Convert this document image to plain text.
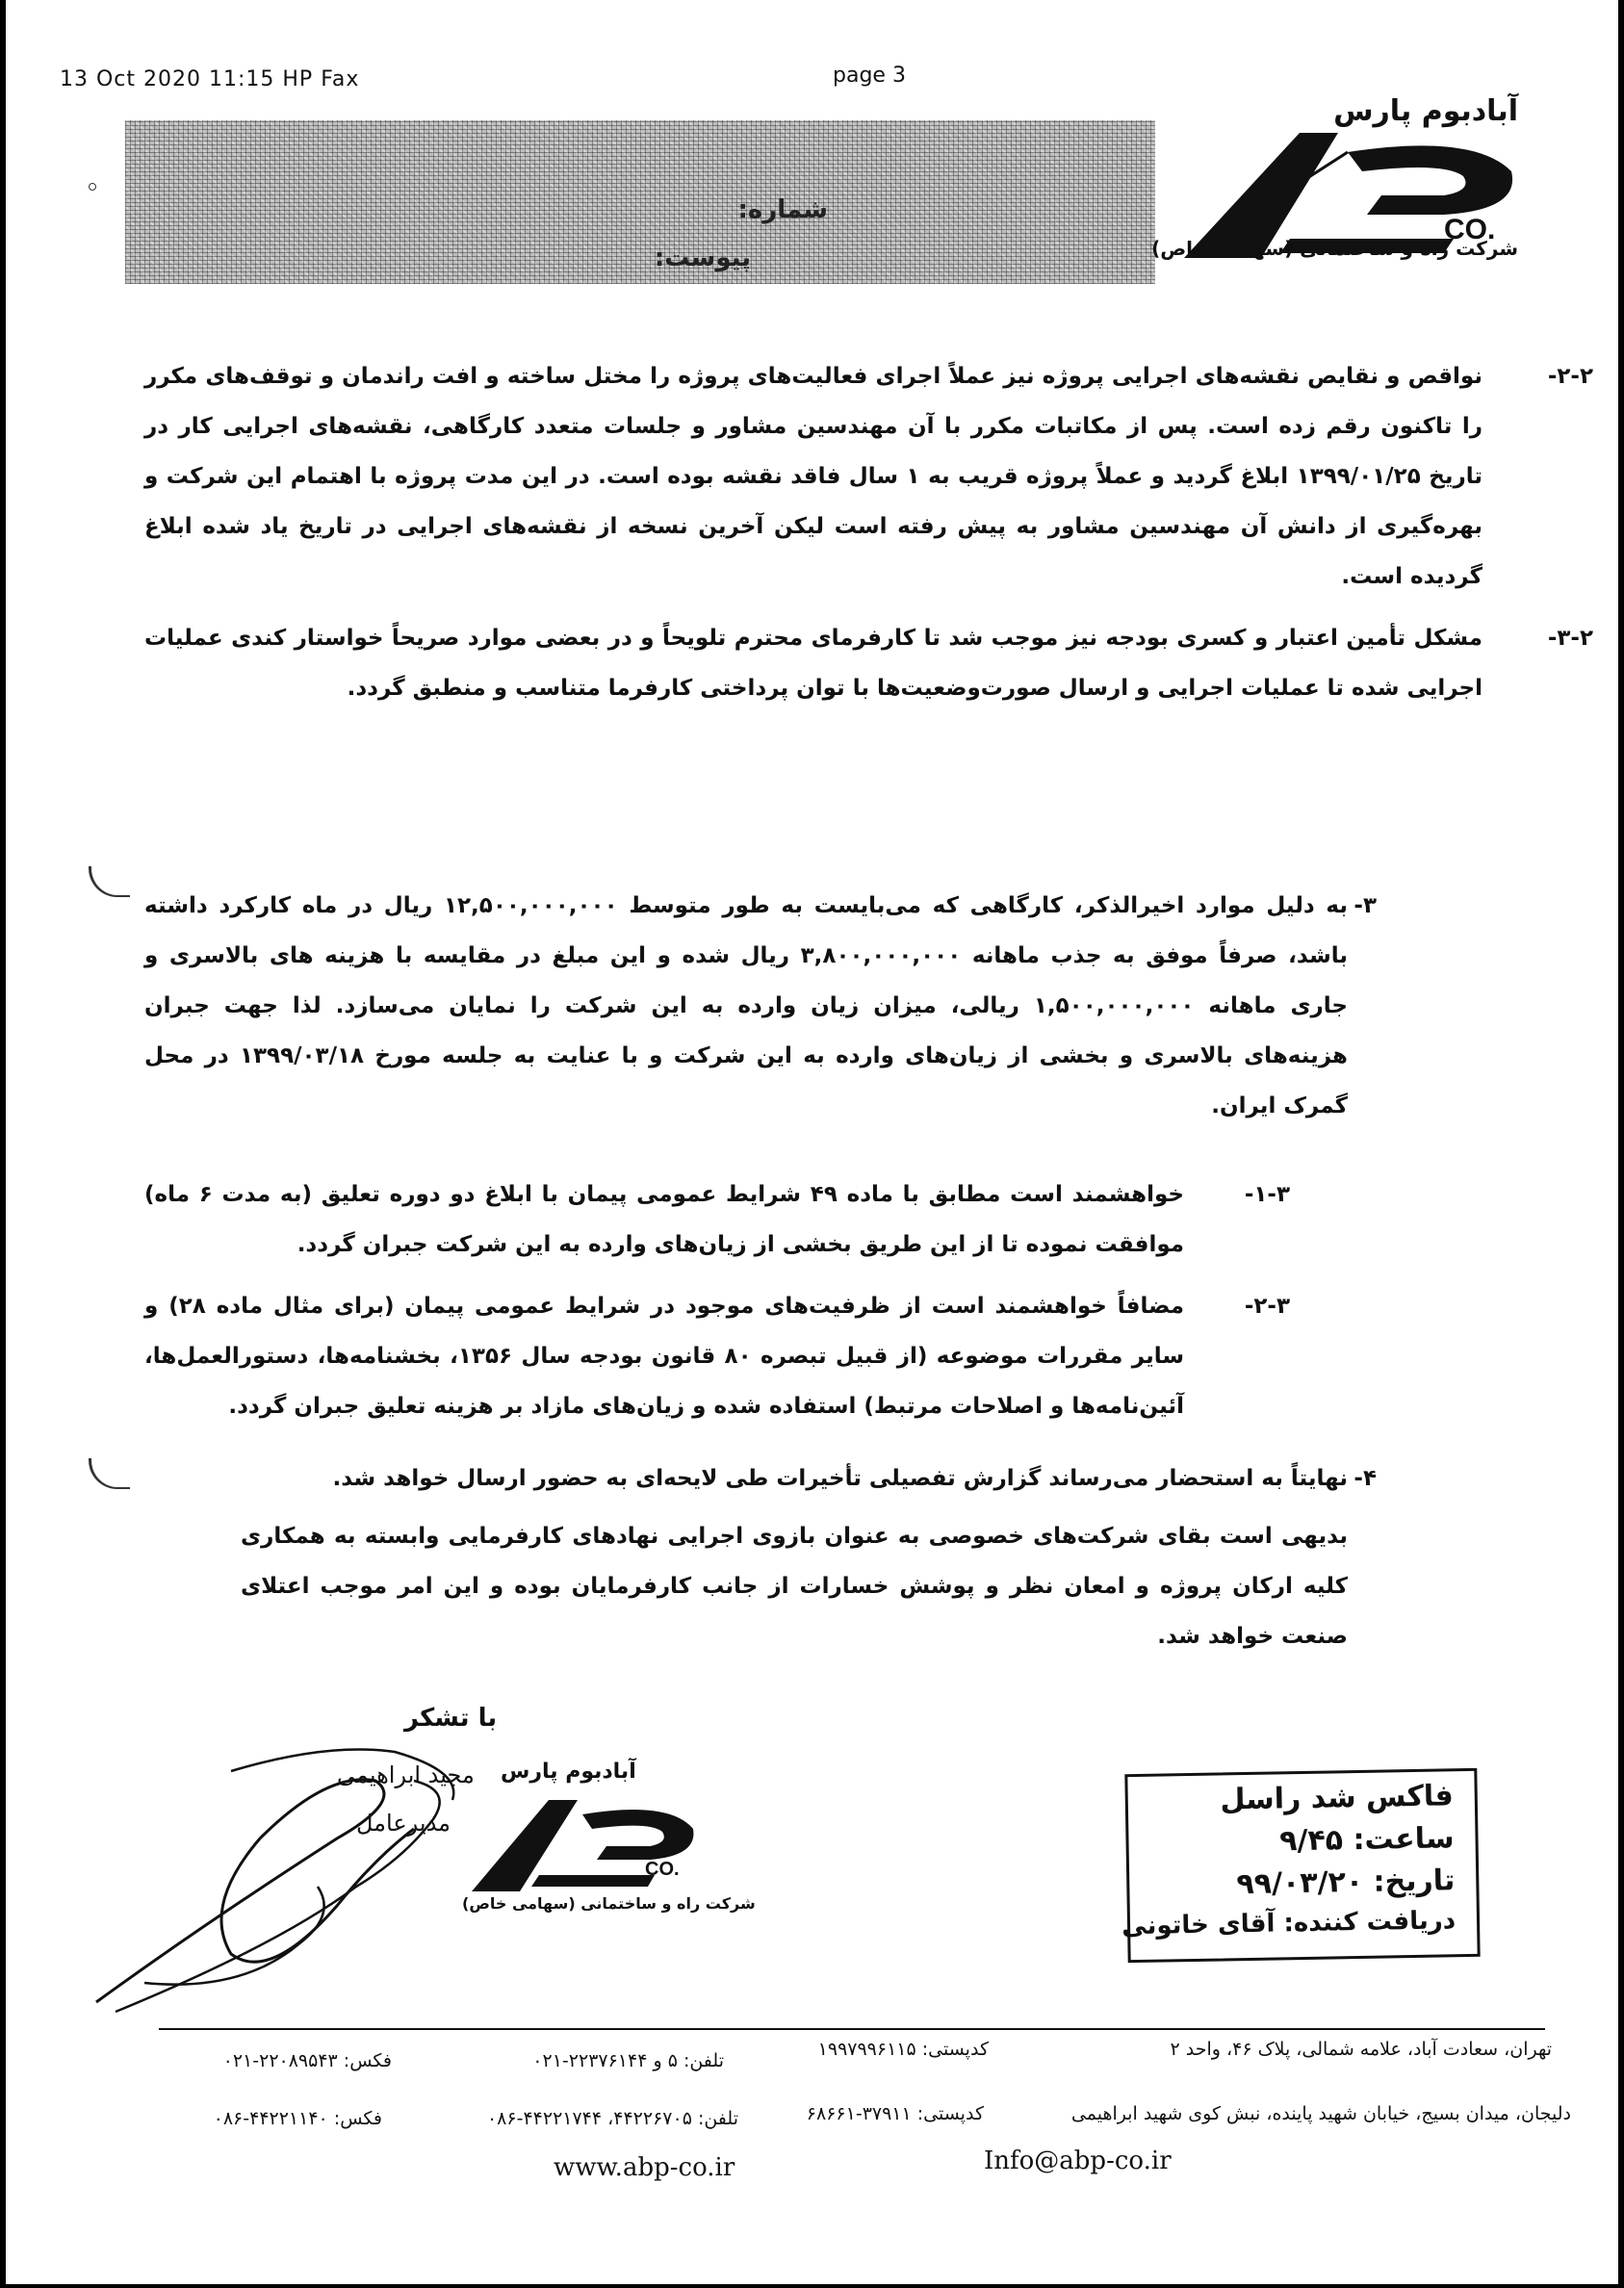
13 Oct 2020 11:15 HP Fax	page 3
شماره:
پیوست:
CO.
آبادبوم پارس
شرکت راه و ساختمانی (سهامی خاص)

۲-۲-
نواقص و نقایص نقشه‌های اجرایی پروژه نیز عملاً اجرای فعالیت‌های پروژه را مختل ساخته و افت راندمان و توقف‌های مکرر را تاکنون رقم زده است. پس از مکاتبات مکرر با آن مهندسین مشاور و جلسات متعدد کارگاهی، نقشه‌های اجرایی کار در تاریخ ۱۳۹۹/۰۱/۲۵ ابلاغ گردید و عملاً پروژه قریب به ۱ سال فاقد نقشه بوده است. در این مدت پروژه با اهتمام این شرکت و بهره‌گیری از دانش آن مهندسین مشاور به پیش رفته است لیکن آخرین نسخه از نقشه‌های اجرایی در تاریخ یاد شده ابلاغ گردیده است.

۳-۲-
مشکل تأمین اعتبار و کسری بودجه نیز موجب شد تا کارفرمای محترم تلویحاً و در بعضی موارد صریحاً خواستار کندی عملیات اجرایی شده تا عملیات اجرایی و ارسال صورت‌وضعیت‌ها با توان پرداختی کارفرما متناسب و منطبق گردد.

۳-
به دلیل موارد اخیرالذکر، کارگاهی که می‌بایست به طور متوسط ۱۲,۵۰۰,۰۰۰,۰۰۰ ریال در ماه کارکرد داشته باشد، صرفاً موفق به جذب ماهانه ۳,۸۰۰,۰۰۰,۰۰۰ ریال شده و این مبلغ در مقایسه با هزینه های بالاسری و جاری ماهانه ۱,۵۰۰,۰۰۰,۰۰۰ ریالی، میزان زیان وارده به این شرکت را نمایان می‌سازد. لذا جهت جبران هزینه‌های بالاسری و بخشی از زیان‌های وارده به این شرکت و با عنایت به جلسه مورخ ۱۳۹۹/۰۳/۱۸ در محل گمرک ایران.

۱-۳-
خواهشمند است مطابق با ماده ۴۹ شرایط عمومی پیمان با ابلاغ دو دوره تعلیق (به مدت ۶ ماه) موافقت نموده تا از این طریق بخشی از زیان‌های وارده به این شرکت جبران گردد.

۲-۳-
مضافاً خواهشمند است از ظرفیت‌های موجود در شرایط عمومی پیمان (برای مثال ماده ۲۸) و سایر مقررات موضوعه (از قبیل تبصره ۸۰ قانون بودجه سال ۱۳۵۶، بخشنامه‌ها، دستورالعمل‌ها، آئین‌نامه‌ها و اصلاحات مرتبط) استفاده شده و زیان‌های مازاد بر هزینه تعلیق جبران گردد.

۴-
نهایتاً به استحضار می‌رساند گزارش تفصیلی تأخیرات طی لایحه‌ای به حضور ارسال خواهد شد.

بدیهی است بقای شرکت‌های خصوصی به عنوان بازوی اجرایی نهادهای کارفرمایی وابسته به همکاری کلیه ارکان پروژه و امعان نظر و پوشش خسارات از جانب کارفرمایان بوده و این امر موجب اعتلای صنعت خواهد شد.

با تشکر
مجید ابراهیمی
مدیرعامل
CO.
آبادبوم پارس
شرکت راه و ساختمانی (سهامی خاص)
فاکس شد راسل
ساعت: ۹/۴۵
تاریخ: ۹۹/۰۳/۲۰
دریافت کننده: آقای خاتونی
تهران، سعادت آباد، علامه شمالی، پلاک ۴۶، واحد ۲
کدپستی: ۱۹۹۷۹۹۶۱۱۵
تلفن: ۵ و ۲۲۳۷۶۱۴۴-۰۲۱
فکس: ۲۲۰۸۹۵۴۳-۰۲۱
دلیجان، میدان بسیج، خیابان شهید پاینده، نبش کوی شهید ابراهیمی
کدپستی: ۳۷۹۱۱-۶۸۶۶۱
تلفن: ۴۴۲۲۶۷۰۵، ۴۴۲۲۱۷۴۴-۰۸۶
فکس: ۴۴۲۲۱۱۴۰-۰۸۶
www.abp-co.ir	Info@abp-co.ir
